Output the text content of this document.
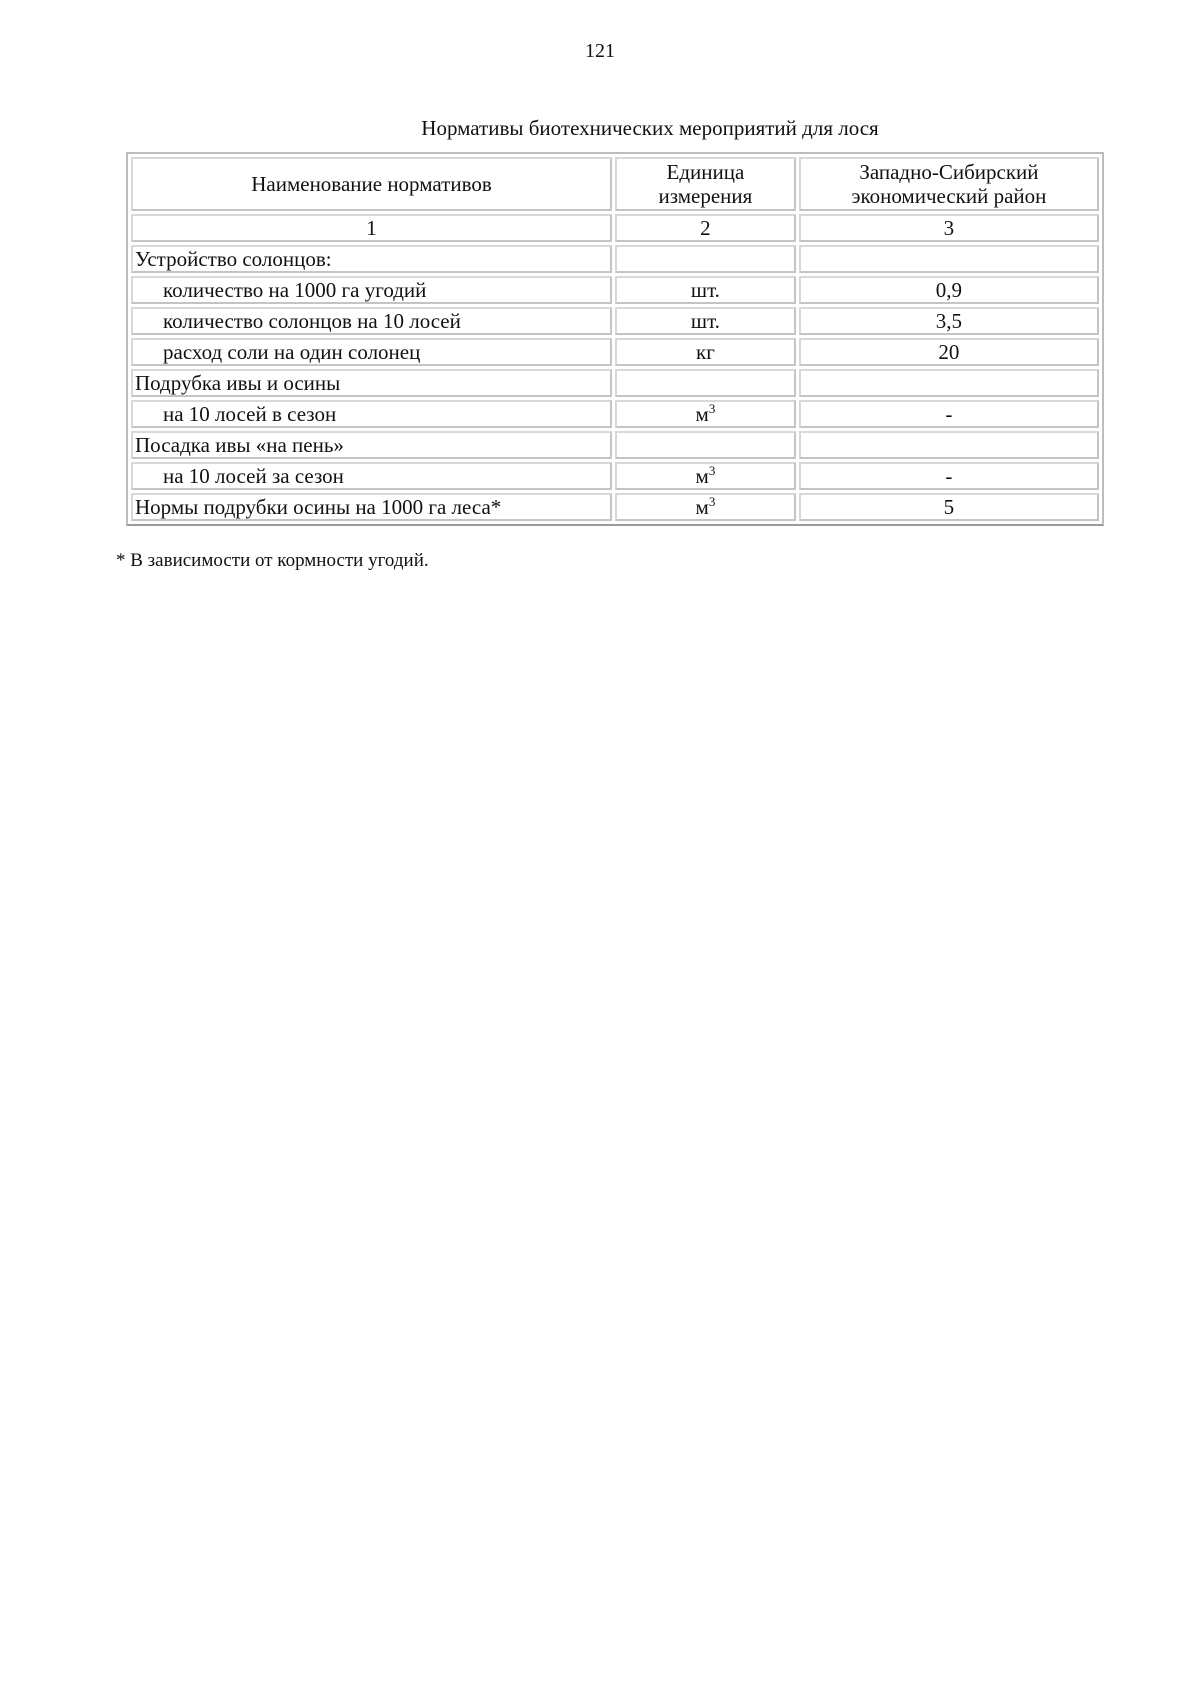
121
Нормативы биотехнических мероприятий для лося
Наименование нормативов	Единица измерения	Западно-Сибирский экономический район
1	2	3
Устройство солонцов:		
количество на 1000 га угодий	шт.	0,9
количество солонцов на 10 лосей	шт.	3,5
расход соли на один солонец	кг	20
Подрубка ивы и осины		
на 10 лосей в сезон	$м^3$	-
Посадка ивы «на пень»		
на 10 лосей за сезон	$м^3$	-
Нормы подрубки осины на 1000 га леса*	$м^3$	5
* В зависимости от кормности угодий.
